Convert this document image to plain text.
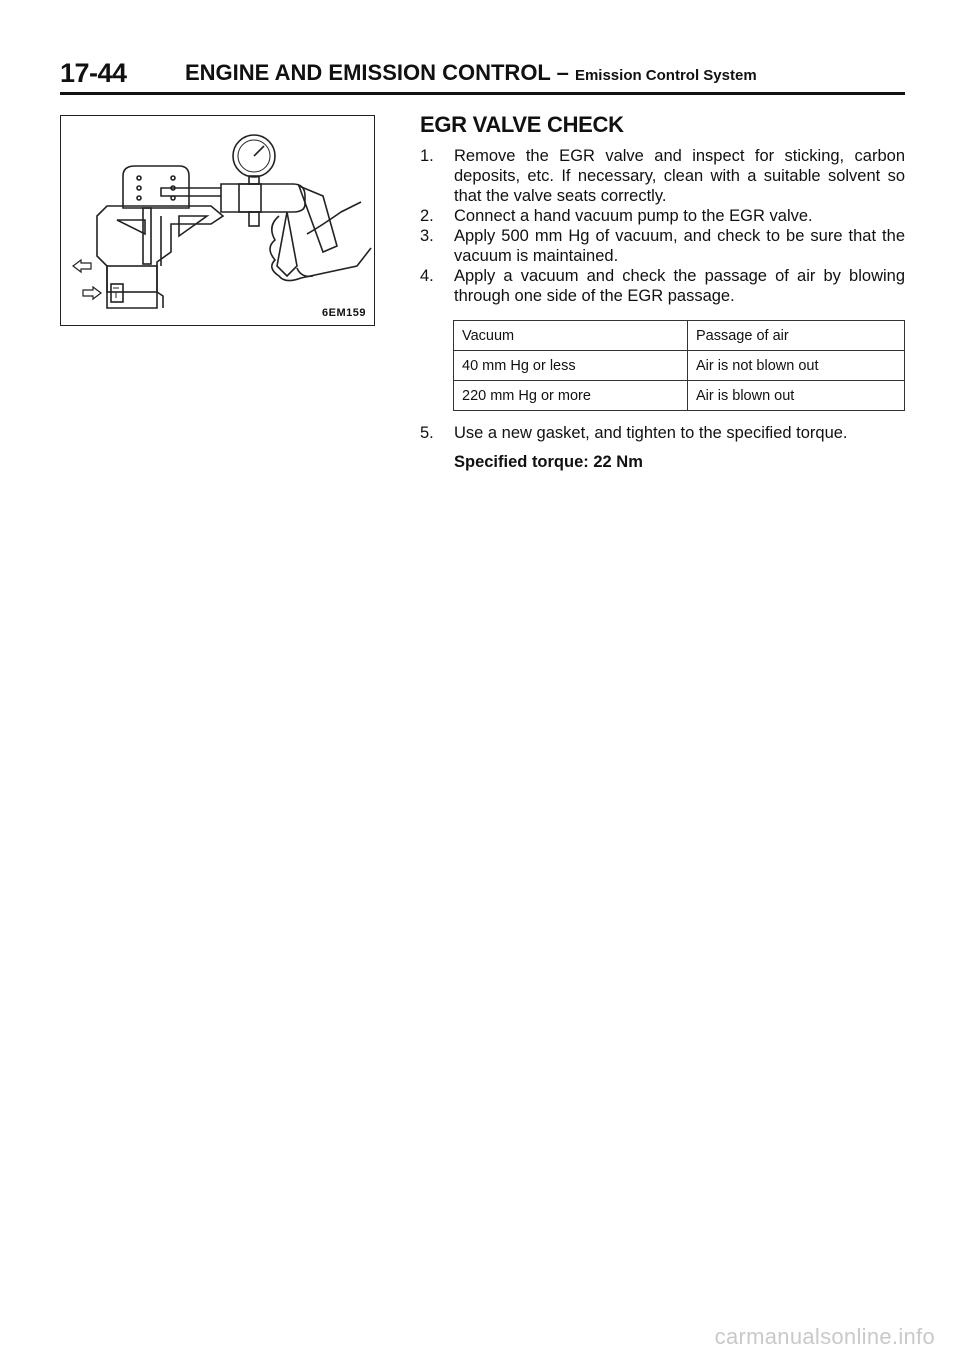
17-44	ENGINE AND EMISSION CONTROL – Emission Control System
6EM159
EGR VALVE CHECK
1. Remove the EGR valve and inspect for sticking, carbon deposits, etc. If necessary, clean with a suitable solvent so that the valve seats correctly.
2. Connect a hand vacuum pump to the EGR valve.
3. Apply 500 mm Hg of vacuum, and check to be sure that the vacuum is maintained.
4. Apply a vacuum and check the passage of air by blowing through one side of the EGR passage.
Vacuum	Passage of air
40 mm Hg or less	Air is not blown out
220 mm Hg or more	Air is blown out
5. Use a new gasket, and tighten to the specified torque.
Specified torque: 22 Nm
carmanualsonline.info
